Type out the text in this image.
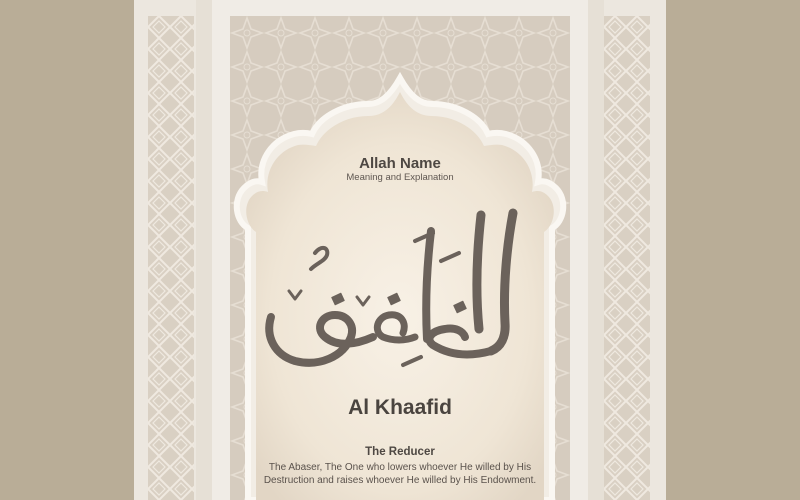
Allah Name
Meaning and Explanation
Al Khaafid
The Reducer
The Abaser, The One who lowers whoever He willed by His Destruction and raises whoever He willed by His Endowment.
